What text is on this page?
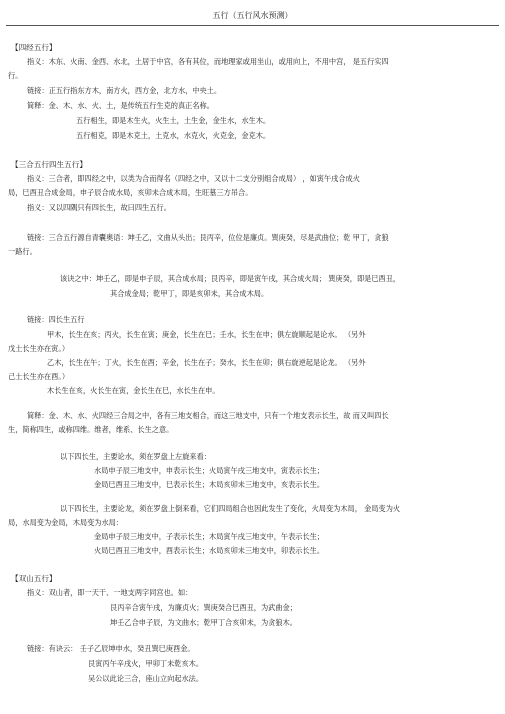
五行（五行风水预测）
【四经五行】
指义：木东、火南、金西、水北，土居于中宫，各有其位，而地理家或用坐山，或用向上，不用中宫， 是五行实四
行。
链接：正五行指东方木，南方火，西方金，北方水，中央土。
简释：金、木、水、火、土，是传统五行生克的真正名称。
五行相生，即是木生火，火生土，土生金，金生水，水生木。
五行相克，即是木克土，土克水，水克火，火克金，金克木。
【三合五行四生五行】
指义：三合者，即四经之中，以类为合而得名（四经之中，又以十二支分别组合成局） ，如寅午戌合成火
局，巳酉丑合成金局，申子辰合成水局，亥卯未合成木局，生旺墓三方吊合。
指义：又以四隅只有四长生，故曰四生五行。
链接：三合五行源自青囊奥语：坤壬乙，文曲从头出；艮丙辛，位位是廉贞。巽庚癸，尽是武曲位；乾 甲丁，贪狼
一路行。
该诀之中：坤壬乙，即是申子辰，其合成水局；艮丙辛，即是寅午戌，其合成火局； 巽庚癸，即是巳酉丑，
其合成金局；乾甲丁，即是亥卯未，其合成木局。
链接：四长生五行
甲木，长生在亥；丙火，长生在寅；庚金，长生在巳；壬水，长生在申；俱左旋顺起是论水。 （另外
戊土长生亦在寅。）
乙木，长生在午；丁火，长生在酉；辛金，长生在子；癸水，长生在卯；俱右旋逆起是论龙。 （另外
己土长生亦在酉。）
木长生在亥，火长生在寅，金长生在巳，水长生在申。
简释：金、木、水、火四经三合局之中，各有三地支相合，而这三地支中，只有一个地支表示长生，故 而又叫四长
生，简称四生，或称四维。维者，维系、长生之意。
以下四长生，主要论水，须在罗盘上左旋来看：
水局申子辰三地支中，申表示长生；火局寅午戌三地支中，寅表示长生；
金局巳酉丑三地支中，巳表示长生；木局亥卯未三地支中，亥表示长生。
以下四长生，主要论龙，须在罗盘上倒来看，它们四局组合也因此发生了变化，火局变为木局， 金局变为火
局，水局变为金局，木局变为水局：
金局申子辰三地支中，子表示长生；木局寅午戌三地支中，午表示长生；
火局巳酉丑三地支中，酉表示长生；水局亥卯未三地支中，卯表示长生。
【双山五行】
指义：双山者，即一天干、一地支两字同宫也。如：
艮丙辛合寅午戌，为廉贞火；巽庚癸合巳酉丑，为武曲金；
坤壬乙合申子辰，为文曲水；乾甲丁合亥卯未，为贪狼木。
链接：有诀云： 壬子乙辰坤申水，癸丑巽巳庚酉金。
艮寅丙午辛戌火，甲卯丁未乾亥木。
吴公以此论三合，座山立向起水法。
